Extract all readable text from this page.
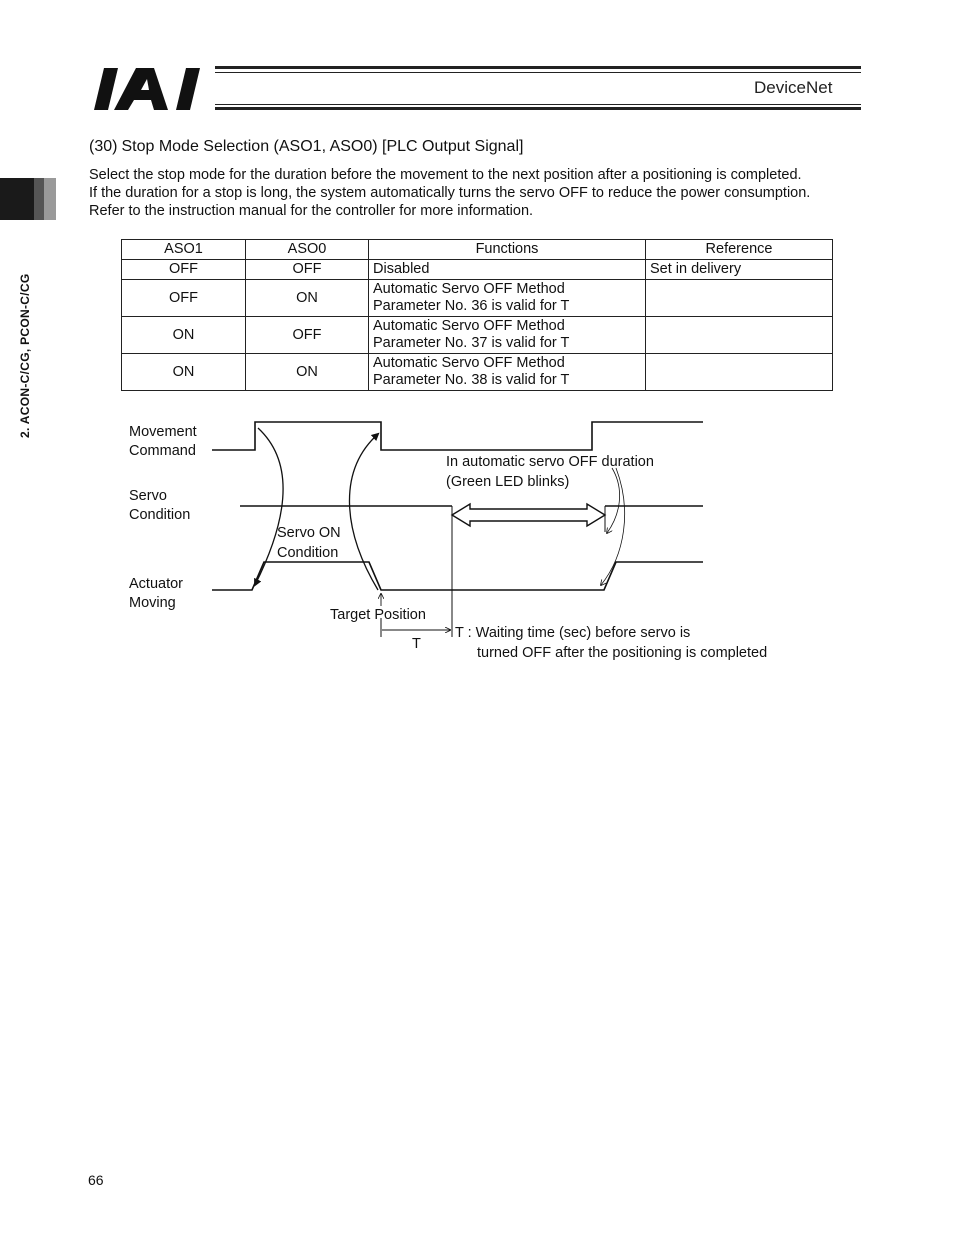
DeviceNet
2. ACON-C/CG, PCON-C/CG
(30) Stop Mode Selection (ASO1, ASO0) [PLC Output Signal]
Select the stop mode for the duration before the movement to the next position after a positioning is completed.
If the duration for a stop is long, the system automatically turns the servo OFF to reduce the power consumption.
Refer to the instruction manual for the controller for more information.
ASO1	ASO0	Functions	Reference
OFF	OFF	Disabled	Set in delivery
OFF	ON	Automatic Servo OFF Method
Parameter No. 36 is valid for T	
ON	OFF	Automatic Servo OFF Method
Parameter No. 37 is valid for T	
ON	ON	Automatic Servo OFF Method
Parameter No. 38 is valid for T	
Movement
Command
Servo
Condition
Actuator
Moving
In automatic servo OFF duration
(Green LED blinks)
Servo ON
Condition
Target Position
T
T : Waiting time (sec) before servo is
turned OFF after the positioning is completed
66
